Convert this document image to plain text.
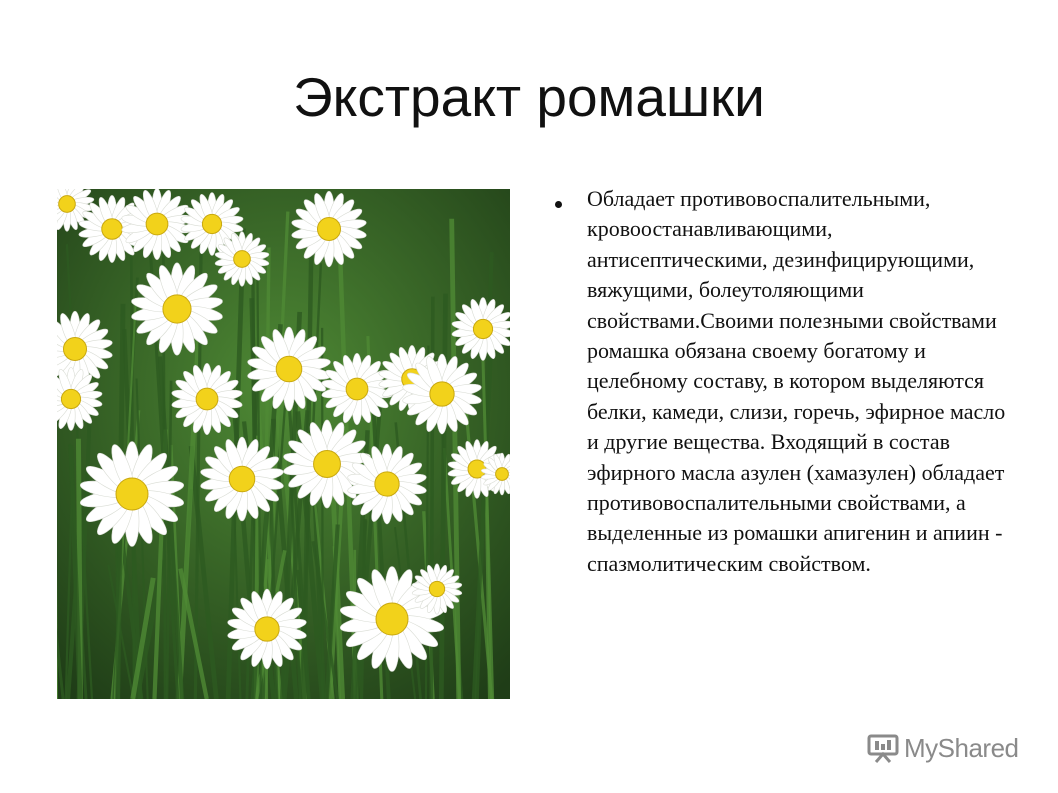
Экстракт ромашки
Обладает противовоспалительными, кровоостанавливающими, антисептическими, дезинфицирующими, вяжущими, болеутоляющими свойствами.Своими полезными свойствами ромашка обязана своему богатому и целебному составу, в котором выделяются белки, камеди, слизи, горечь, эфирное масло и другие вещества. Входящий в состав эфирного масла азулен (хамазулен) обладает противовоспалительными свойствами, а выделенные из ромашки апигенин и апиин - спазмолитическим свойством.
MyShared
